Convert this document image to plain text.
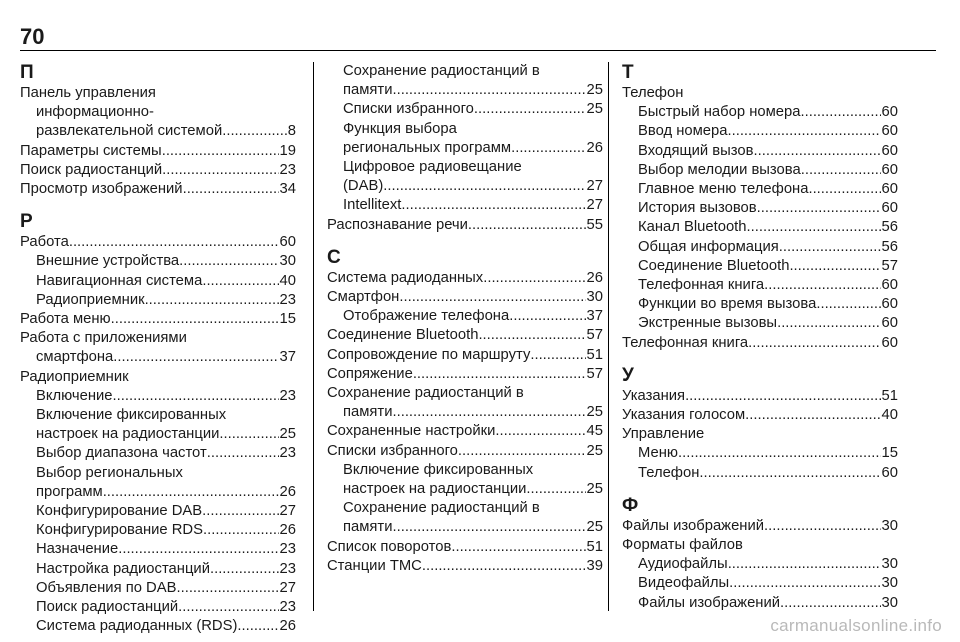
70
П
Панель управления
информационно-
развлекательной системой .....	8
Параметры системы .....	19
Поиск радиостанций .....	23
Просмотр изображений .....	34
Р
Работа .....	60
Внешние устройства .....	30
Навигационная система .....	40
Радиоприемник .....	23
Работа меню .....	15
Работа с приложениями
смартфона .....	37
Радиоприемник
Включение .....	23
Включение фиксированных
настроек на радиостанции .....	25
Выбор диапазона частот .....	23
Выбор региональных
программ .....	26
Конфигурирование DAB .....	27
Конфигурирование RDS .....	26
Назначение .....	23
Настройка радиостанций .....	23
Объявления по DAB .....	27
Поиск радиостанций .....	23
Система радиоданных (RDS) .....	26
Сохранение радиостанций в
памяти .....	25
Списки избранного .....	25
Функция выбора
региональных программ .....	26
Цифровое радиовещание
(DAB) .....	27
Intellitext .....	27
Распознавание речи .....	55
С
Система радиоданных .....	26
Смартфон .....	30
Отображение телефона .....	37
Соединение Bluetooth .....	57
Сопровождение по маршруту .....	51
Сопряжение .....	57
Сохранение радиостанций в
памяти .....	25
Сохраненные настройки .....	45
Списки избранного .....	25
Включение фиксированных
настроек на радиостанции .....	25
Сохранение радиостанций в
памяти .....	25
Список поворотов .....	51
Станции TMC .....	39
Т
Телефон
Быстрый набор номера .....	60
Ввод номера .....	60
Входящий вызов .....	60
Выбор мелодии вызова .....	60
Главное меню телефона .....	60
История вызовов .....	60
Канал Bluetooth .....	56
Общая информация .....	56
Соединение Bluetooth .....	57
Телефонная книга .....	60
Функции во время вызова .....	60
Экстренные вызовы .....	60
Телефонная книга .....	60
У
Указания .....	51
Указания голосом .....	40
Управление
Меню .....	15
Телефон .....	60
Ф
Файлы изображений .....	30
Форматы файлов
Аудиофайлы .....	30
Видеофайлы .....	30
Файлы изображений .....	30
carmanualsonline.info
